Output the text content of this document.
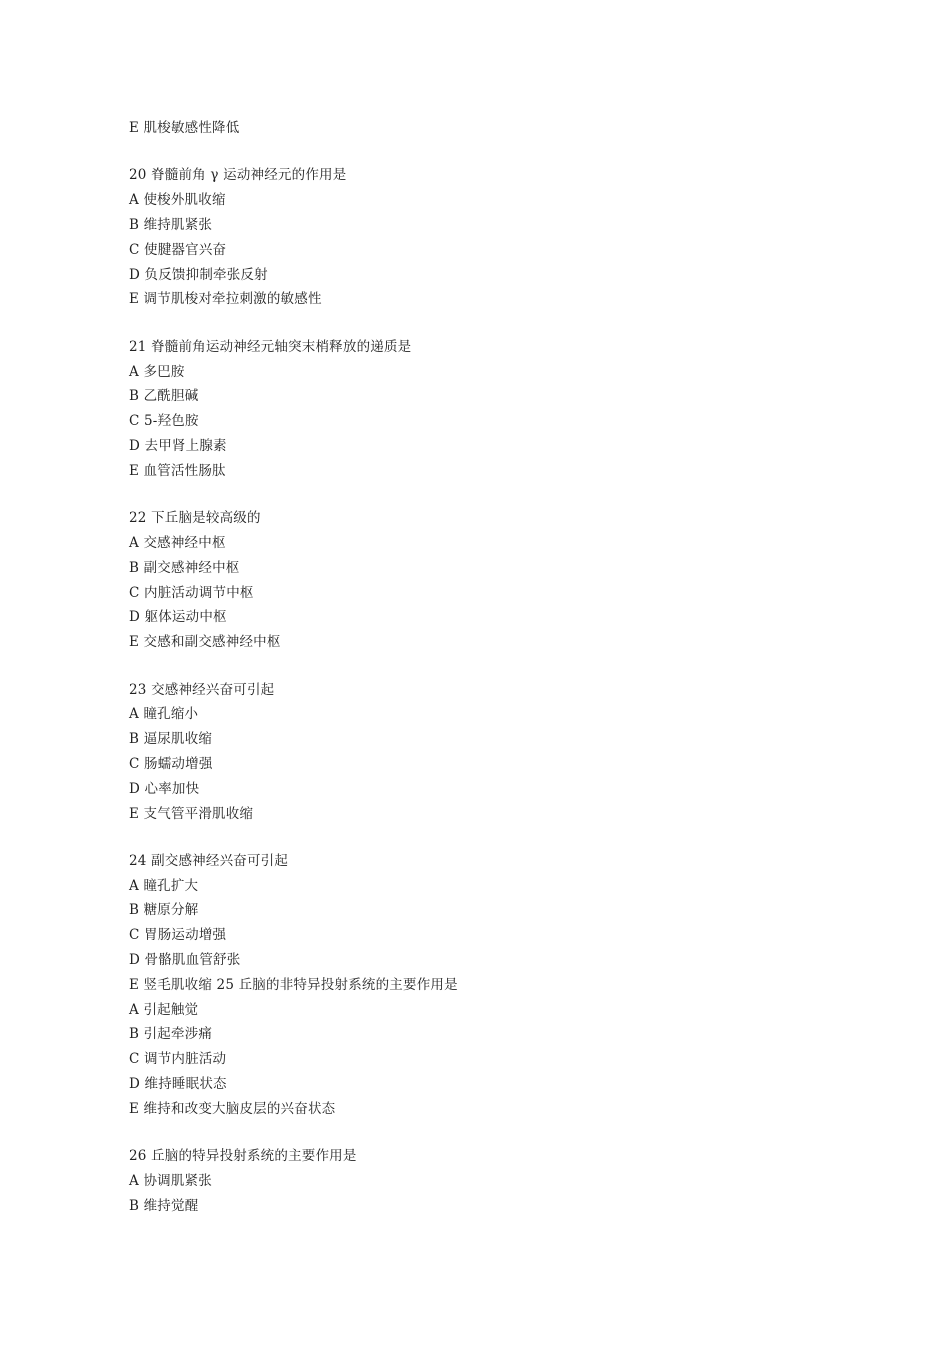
E 肌梭敏感性降低
20 脊髓前角 γ 运动神经元的作用是
A 使梭外肌收缩
B 维持肌紧张
C 使腱器官兴奋
D 负反馈抑制牵张反射
E 调节肌梭对牵拉刺激的敏感性
21 脊髓前角运动神经元轴突末梢释放的递质是
A 多巴胺
B 乙酰胆碱
C 5-羟色胺
D 去甲肾上腺素
E 血管活性肠肽
22 下丘脑是较高级的
A 交感神经中枢
B 副交感神经中枢
C 内脏活动调节中枢
D 躯体运动中枢
E 交感和副交感神经中枢
23 交感神经兴奋可引起
A 瞳孔缩小
B 逼尿肌收缩
C 肠蠕动增强
D 心率加快
E 支气管平滑肌收缩
24 副交感神经兴奋可引起
A 瞳孔扩大
B 糖原分解
C 胃肠运动增强
D 骨骼肌血管舒张
E 竖毛肌收缩 25 丘脑的非特异投射系统的主要作用是
A 引起触觉
B 引起牵涉痛
C 调节内脏活动
D 维持睡眠状态
E 维持和改变大脑皮层的兴奋状态
26 丘脑的特异投射系统的主要作用是
A 协调肌紧张
B 维持觉醒
